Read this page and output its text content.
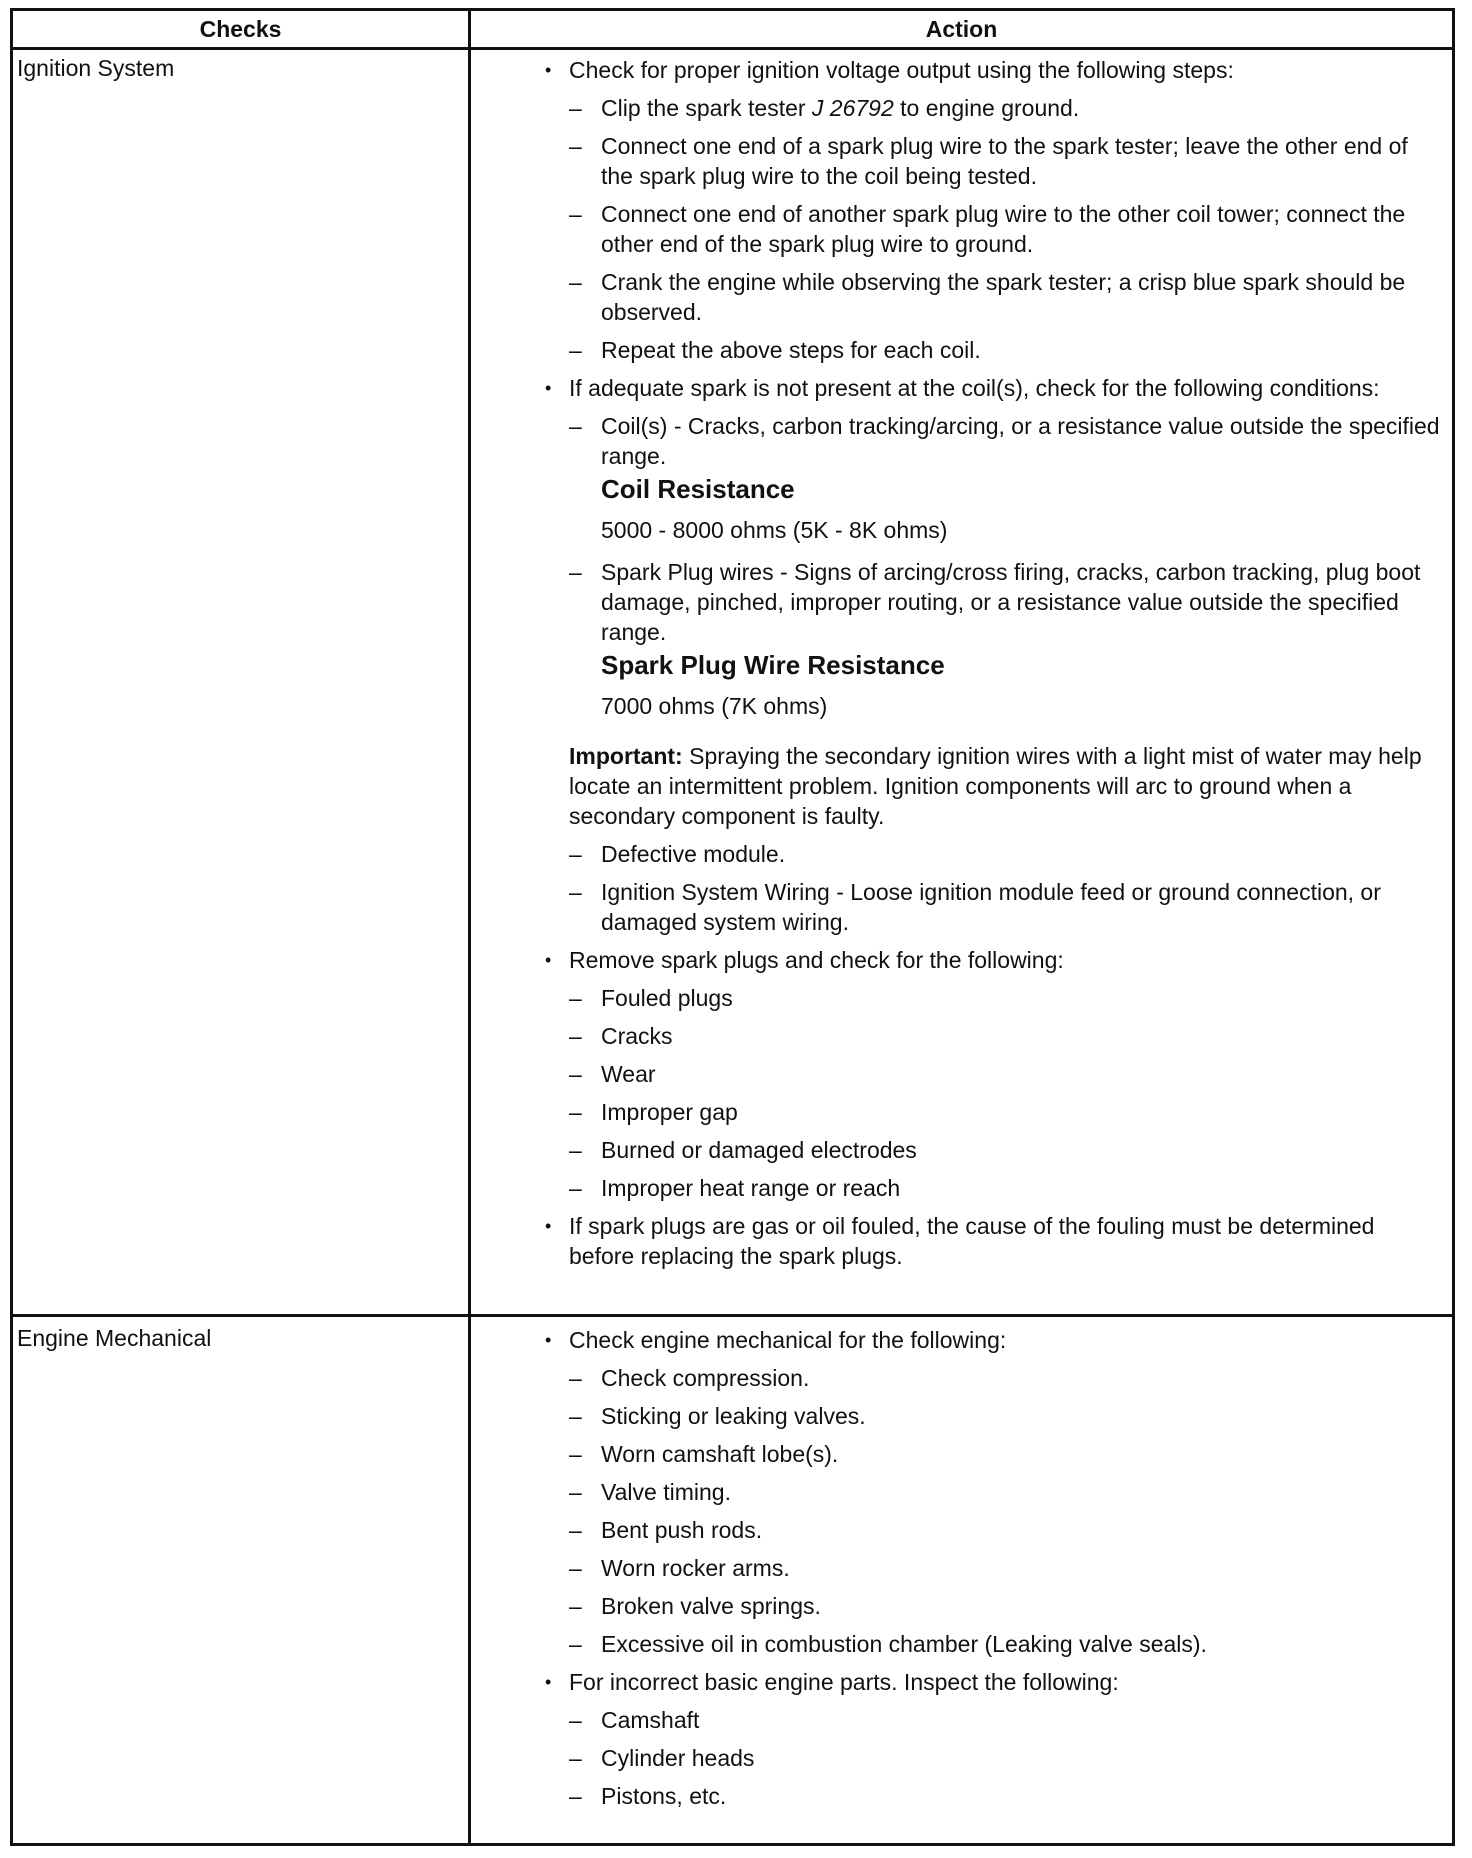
Checks	Action
Ignition System	• Check for proper ignition voltage output using the following steps:
– Clip the spark tester J 26792 to engine ground.
– Connect one end of a spark plug wire to the spark tester; leave the other end of the spark plug wire to the coil being tested.
– Connect one end of another spark plug wire to the other coil tower; connect the other end of the spark plug wire to ground.
– Crank the engine while observing the spark tester; a crisp blue spark should be observed.
– Repeat the above steps for each coil.
• If adequate spark is not present at the coil(s), check for the following conditions:
– Coil(s) - Cracks, carbon tracking/arcing, or a resistance value outside the specified range.
Coil Resistance
5000 - 8000 ohms (5K - 8K ohms)
– Spark Plug wires - Signs of arcing/cross firing, cracks, carbon tracking, plug boot damage, pinched, improper routing, or a resistance value outside the specified range.
Spark Plug Wire Resistance
7000 ohms (7K ohms)
Important: Spraying the secondary ignition wires with a light mist of water may help locate an intermittent problem. Ignition components will arc to ground when a secondary component is faulty.
– Defective module.
– Ignition System Wiring - Loose ignition module feed or ground connection, or damaged system wiring.
• Remove spark plugs and check for the following:
– Fouled plugs
– Cracks
– Wear
– Improper gap
– Burned or damaged electrodes
– Improper heat range or reach
• If spark plugs are gas or oil fouled, the cause of the fouling must be determined before replacing the spark plugs.
Engine Mechanical	• Check engine mechanical for the following:
– Check compression.
– Sticking or leaking valves.
– Worn camshaft lobe(s).
– Valve timing.
– Bent push rods.
– Worn rocker arms.
– Broken valve springs.
– Excessive oil in combustion chamber (Leaking valve seals).
• For incorrect basic engine parts. Inspect the following:
– Camshaft
– Cylinder heads
– Pistons, etc.
